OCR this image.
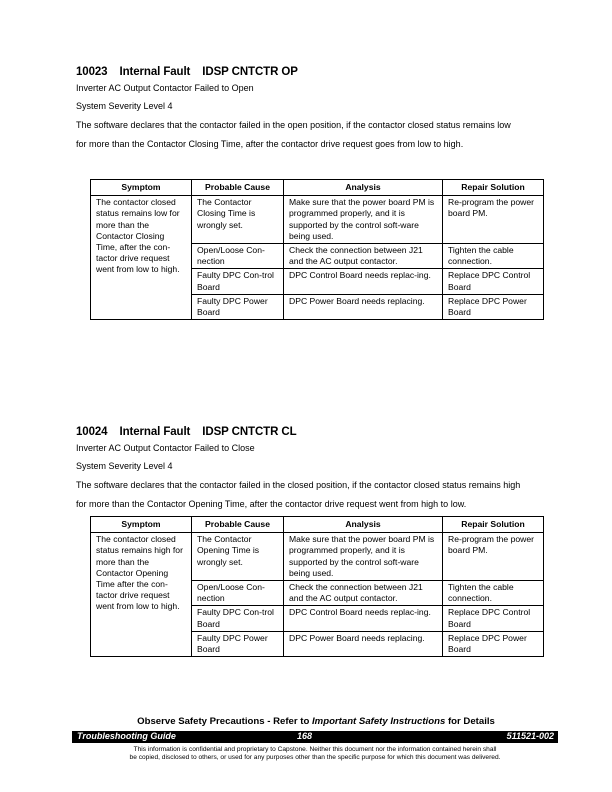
10023 Internal Fault IDSP CNTCTR OP

Inverter AC Output Contactor Failed to Open

System Severity Level 4

The software declares that the contactor failed in the open position, if the contactor closed status remains low

for more than the Contactor Closing Time, after the contactor drive request goes from low to high.

Symptom	Probable Cause	Analysis	Repair Solution
The contactor closed status remains low for more than the Contactor Closing Time, after the con-tactor drive request went from low to high.	The Contactor Closing Time is wrongly set.	Make sure that the power board PM is programmed properly, and it is supported by the control soft-ware being used.	Re-program the power board PM.
	Open/Loose Con-nection	Check the connection between J21 and the AC output contactor.	Tighten the cable connection.
	Faulty DPC Con-trol Board	DPC Control Board needs replac-ing.	Replace DPC Control Board
	Faulty DPC Power Board	DPC Power Board needs replacing.	Replace DPC Power Board
10024 Internal Fault IDSP CNTCTR CL

Inverter AC Output Contactor Failed to Close

System Severity Level 4

The software declares that the contactor failed in the closed position, if the contactor closed status remains high

for more than the Contactor Opening Time, after the contactor drive request went from high to low.

Symptom	Probable Cause	Analysis	Repair Solution
The contactor closed status remains high for more than the Contactor Opening Time after the con-tactor drive request went from low to high.	The Contactor Opening Time is wrongly set.	Make sure that the power board PM is programmed properly, and it is supported by the control soft-ware being used.	Re-program the power board PM.
	Open/Loose Con-nection	Check the connection between J21 and the AC output contactor.	Tighten the cable connection.
	Faulty DPC Con-trol Board	DPC Control Board needs replac-ing.	Replace DPC Control Board
	Faulty DPC Power Board	DPC Power Board needs replacing.	Replace DPC Power Board
Observe Safety Precautions - Refer to Important Safety Instructions for Details
Troubleshooting Guide	168	511521-002
This information is confidential and proprietary to Capstone. Neither this document nor the information contained herein shall
be copied, disclosed to others, or used for any purposes other than the specific purpose for which this document was delivered.
